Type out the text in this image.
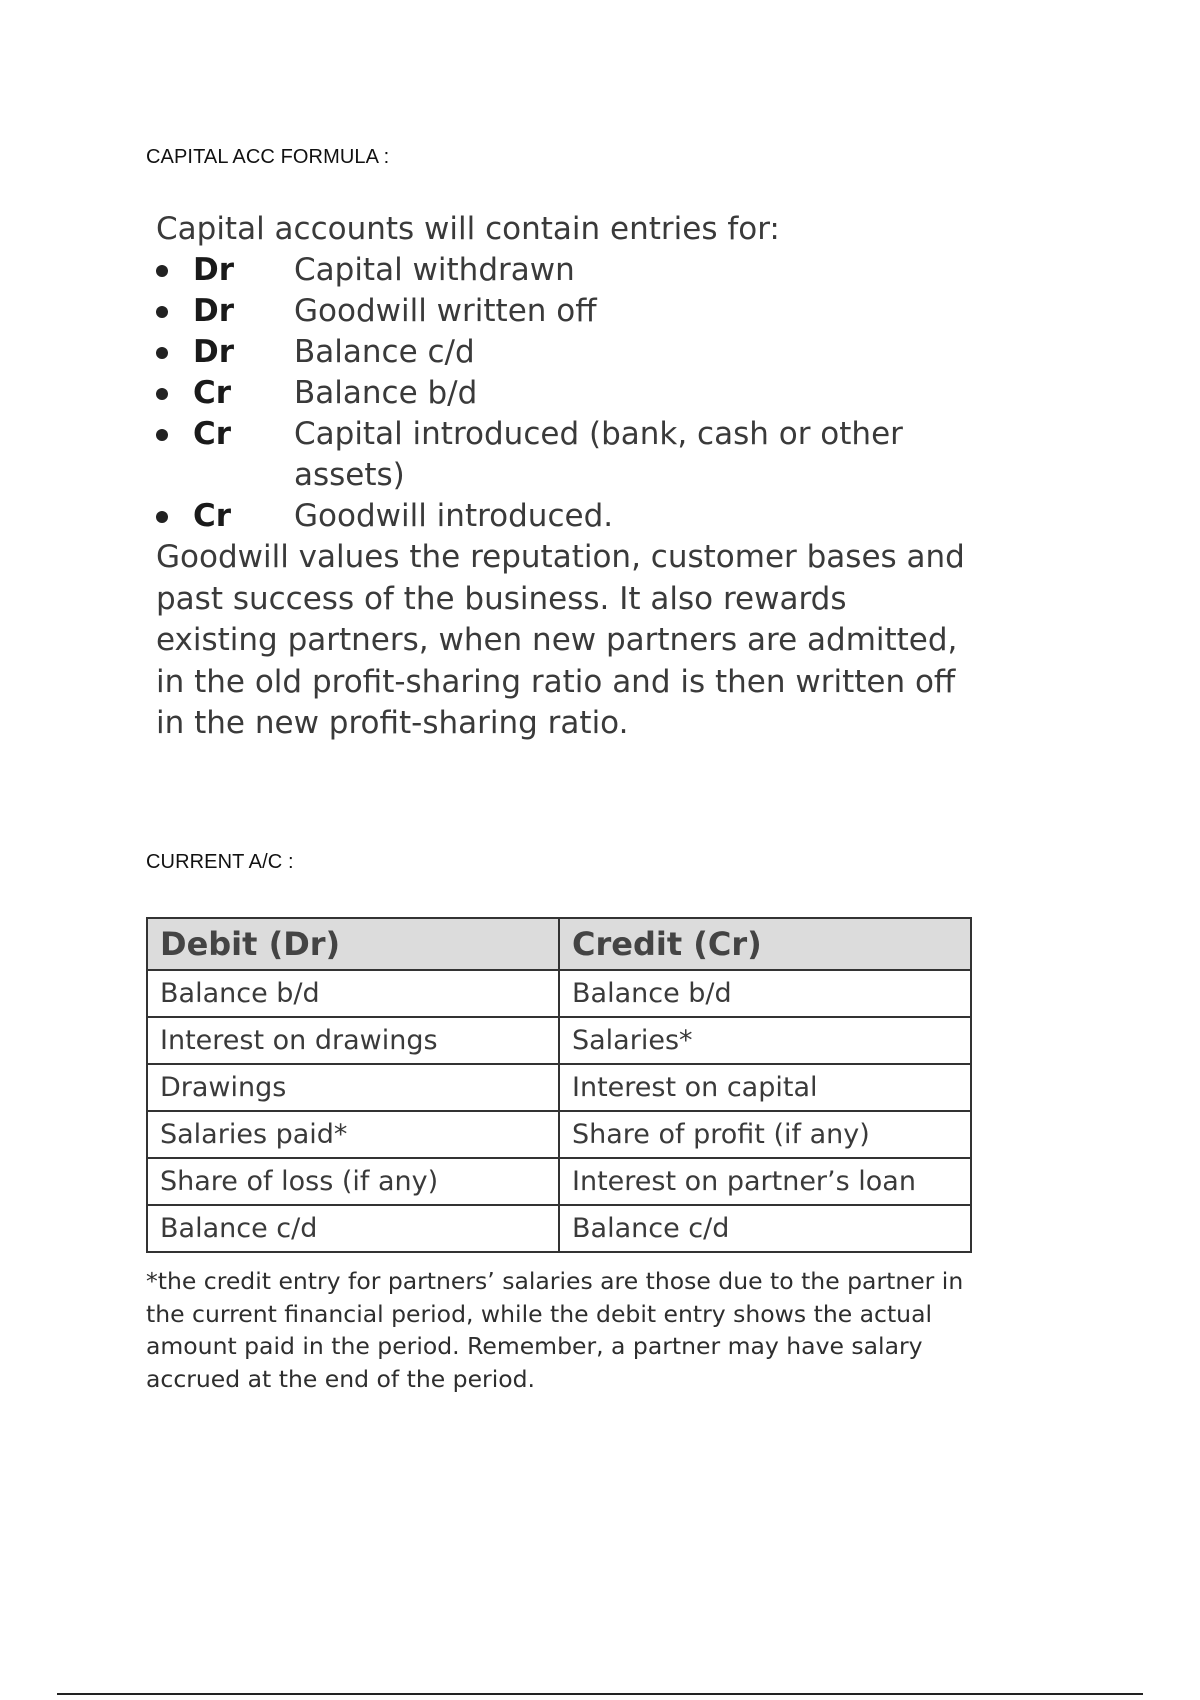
CAPITAL ACC FORMULA :
Capital accounts will contain entries for:
Dr Capital withdrawn
Dr Goodwill written off
Dr Balance c/d
Cr Balance b/d
Cr Capital introduced (bank, cash or other assets)
Cr Goodwill introduced.

Goodwill values the reputation, customer bases and past success of the business. It also rewards existing partners, when new partners are admitted, in the old profit-sharing ratio and is then written off in the new profit-sharing ratio.

CURRENT A/C :
Debit (Dr)	Credit (Cr)
Balance b/d	Balance b/d
Interest on drawings	Salaries*
Drawings	Interest on capital
Salaries paid*	Share of profit (if any)
Share of loss (if any)	Interest on partner’s loan
Balance c/d	Balance c/d

*the credit entry for partners’ salaries are those due to the partner in the current financial period, while the debit entry shows the actual amount paid in the period. Remember, a partner may have salary accrued at the end of the period.
